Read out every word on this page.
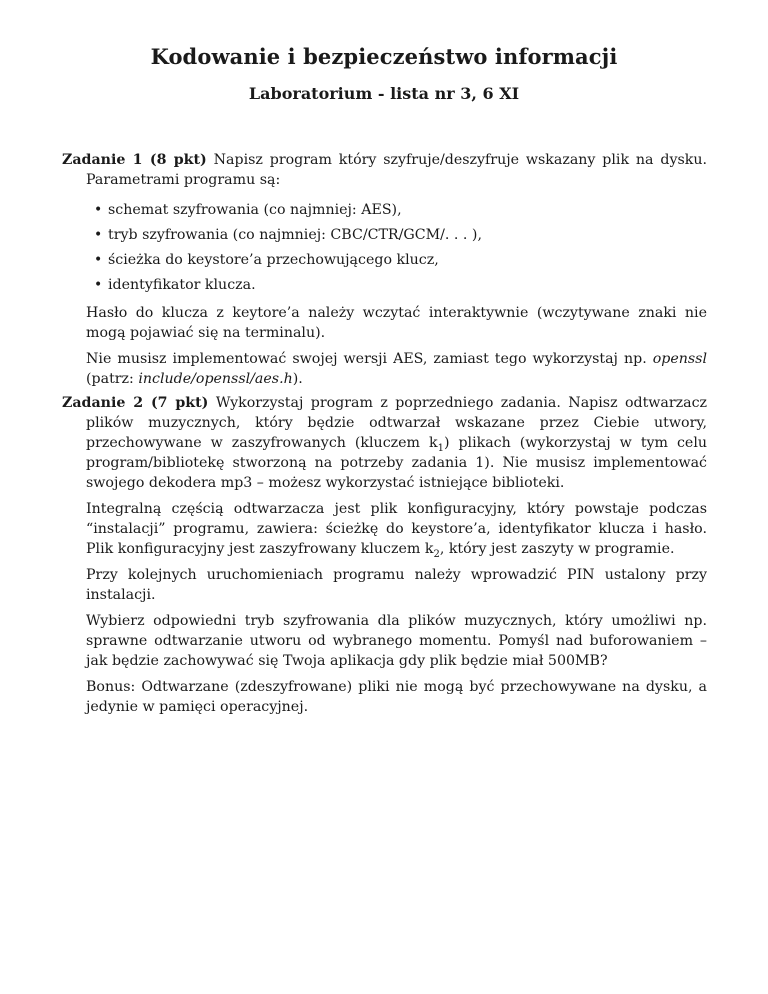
Kodowanie i bezpieczeństwo informacji
Laboratorium - lista nr 3, 6 XI

Zadanie 1 (8 pkt) Napisz program który szyfruje/deszyfruje wskazany plik na dysku. Parametrami programu są:

• schemat szyfrowania (co najmniej: AES),
• tryb szyfrowania (co najmniej: CBC/CTR/GCM/. . . ),
• ścieżka do keystore’a przechowującego klucz,
• identyfikator klucza.

Hasło do klucza z keytore’a należy wczytać interaktywnie (wczytywane znaki nie mogą pojawiać się na terminalu).

Nie musisz implementować swojej wersji AES, zamiast tego wykorzystaj np. openssl (patrz: include/openssl/aes.h).

Zadanie 2 (7 pkt) Wykorzystaj program z poprzedniego zadania. Napisz odtwarzacz plików muzycznych, który będzie odtwarzał wskazane przez Ciebie utwory, przechowywane w zaszyfrowanych (kluczem $k_1$) plikach (wykorzystaj w tym celu program/bibliotekę stworzoną na potrzeby zadania 1). Nie musisz implementować swojego dekodera mp3 – możesz wykorzystać istniejące biblioteki.

Integralną częścią odtwarzacza jest plik konfiguracyjny, który powstaje podczas “instalacji” programu, zawiera: ścieżkę do keystore’a, identyfikator klucza i hasło. Plik konfiguracyjny jest zaszyfrowany kluczem $k_2$, który jest zaszyty w programie.

Przy kolejnych uruchomieniach programu należy wprowadzić PIN ustalony przy instalacji.

Wybierz odpowiedni tryb szyfrowania dla plików muzycznych, który umożliwi np. sprawne odtwarzanie utworu od wybranego momentu. Pomyśl nad buforowaniem – jak będzie zachowywać się Twoja aplikacja gdy plik będzie miał 500MB?

Bonus: Odtwarzane (zdeszyfrowane) pliki nie mogą być przechowywane na dysku, a jedynie w pamięci operacyjnej.
